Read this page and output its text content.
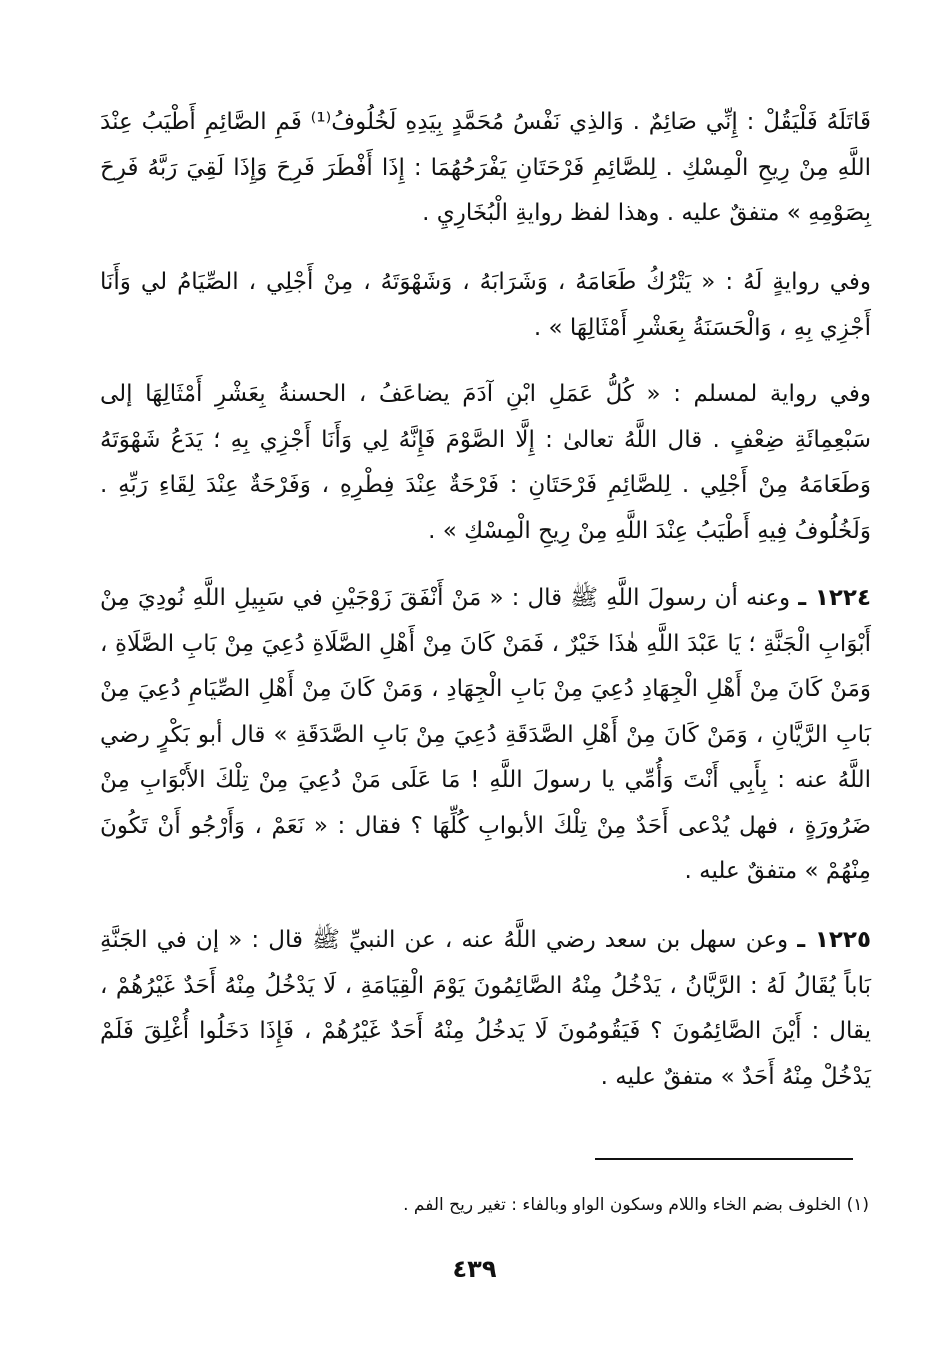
قَاتَلَهُ فَلْيَقُلْ : إِنِّي صَائِمٌ . وَالذِي نَفْسُ مُحَمَّدٍ بِيَدِهِ لَخُلُوفُ⁽¹⁾ فَمِ الصَّائِمِ أَطْيَبُ عِنْدَ اللَّهِ مِنْ رِيحِ الْمِسْكِ . لِلصَّائِمِ فَرْحَتَانِ يَفْرَحُهُمَا : إِذَا أَفْطَرَ فَرِحَ وَإِذَا لَقِيَ رَبَّهُ فَرِحَ بِصَوْمِهِ » متفقٌ عليه . وهذا لفظ روايةِ الْبُخَارِيِ .

وفي روايةٍ لَهُ : « يَتْرُكُ طَعَامَهُ ، وَشَرَابَهُ ، وَشَهْوَتَهُ ، مِنْ أَجْلِي ، الصِّيَامُ لي وَأَنَا أَجْزِي بِهِ ، وَالْحَسَنَةُ بِعَشْرِ أَمْثَالِهَا » .

وفي رواية لمسلم : « كُلُّ عَمَلِ ابْنِ آدَمَ يضاعَفُ ، الحسنةُ بِعَشْرِ أَمْثَالِهَا إلى سَبْعِمِائَةِ ضِعْفٍ . قال اللَّهُ تعالىٰ : إِلَّا الصَّوْمَ فَإِنَّهُ لِي وَأَنَا أَجْزِي بِهِ ؛ يَدَعُ شَهْوَتَهُ وَطَعَامَهُ مِنْ أَجْلِي . لِلصَّائِمِ فَرْحَتَانِ : فَرْحَةٌ عِنْدَ فِطْرِهِ ، وَفَرْحَةٌ عِنْدَ لِقَاءِ رَبِّهِ . وَلَخُلُوفُ فِيهِ أَطْيَبُ عِنْدَ اللَّهِ مِنْ رِيحِ الْمِسْكِ » .

١٢٢٤ ـ وعنه أن رسولَ اللَّهِ ﷺ قال : « مَنْ أَنْفَقَ زَوْجَيْنِ في سَبِيلِ اللَّهِ نُودِيَ مِنْ أَبْوَابِ الْجَنَّةِ ؛ يَا عَبْدَ اللَّهِ هٰذَا خَيْرٌ ، فَمَنْ كَانَ مِنْ أَهْلِ الصَّلَاةِ دُعِيَ مِنْ بَابِ الصَّلَاةِ ، وَمَنْ كَانَ مِنْ أَهْلِ الْجِهَادِ دُعِيَ مِنْ بَابِ الْجِهَادِ ، وَمَنْ كَانَ مِنْ أَهْلِ الصِّيَامِ دُعِيَ مِنْ بَابِ الرَّيَّانِ ، وَمَنْ كَانَ مِنْ أَهْلِ الصَّدَقَةِ دُعِيَ مِنْ بَابِ الصَّدَقَةِ » قال أبو بَكْرٍ رضي اللَّهُ عنه : بِأَبِي أَنْتَ وَأُمِّي يا رسولَ اللَّهِ ! مَا عَلَى مَنْ دُعِيَ مِنْ تِلْكَ الأَبْوَابِ مِنْ ضَرُورَةٍ ، فهل يُدْعى أَحَدٌ مِنْ تِلْكَ الأبوابِ كُلِّهَا ؟ فقال : « نَعَمْ ، وَأَرْجُو أَنْ تَكُونَ مِنْهُمْ » متفقٌ عليه .

١٢٢٥ ـ وعن سهل بن سعد رضي اللَّهُ عنه ، عن النبيِّ ﷺ قال : « إن في الجَنَّةِ بَاباً يُقَالُ لَهُ : الرَّيَّانُ ، يَدْخُلُ مِنْهُ الصَّائِمُونَ يَوْمَ الْقِيَامَةِ ، لَا يَدْخُلُ مِنْهُ أَحَدٌ غَيْرُهُمْ ، يقال : أَيْنَ الصَّائِمُونَ ؟ فَيَقُومُونَ لَا يَدخُلُ مِنْهُ أَحَدٌ غَيْرُهُمْ ، فَإِذَا دَخَلُوا أُغْلِقَ فَلَمْ يَدْخُلْ مِنْهُ أَحَدٌ » متفقٌ عليه .

(١) الخلوف بضم الخاء واللام وسكون الواو وبالفاء : تغير ريح الفم .
٤٣٩
